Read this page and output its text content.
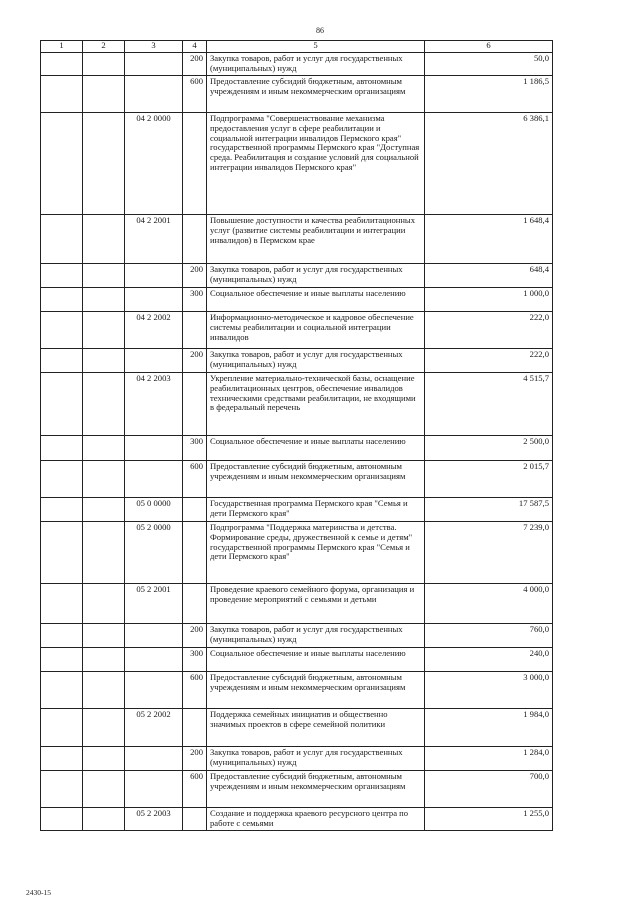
86
1	2	3	4	5	6
			200	Закупка товаров, работ и услуг для государственных (муниципальных) нужд	50,0
			600	Предоставление субсидий бюджетным, автономным учреждениям и иным некоммерческим организациям	1 186,5
		04 2 0000		Подпрограмма "Совершенствование механизма предоставления услуг в сфере реабилитации и социальной интеграции инвалидов Пермского края" государственной программы Пермского края "Доступная среда. Реабилитация и создание условий для социальной интеграции инвалидов Пермского края"	6 386,1
		04 2 2001		Повышение доступности и качества реабилитационных услуг (развитие системы реабилитации и интеграции инвалидов) в Пермском крае	1 648,4
			200	Закупка товаров, работ и услуг для государственных (муниципальных) нужд	648,4
			300	Социальное обеспечение и иные выплаты населению	1 000,0
		04 2 2002		Информационно-методическое и кадровое обеспечение системы реабилитации и социальной интеграции инвалидов	222,0
			200	Закупка товаров, работ и услуг для государственных (муниципальных) нужд	222,0
		04 2 2003		Укрепление материально-технической базы, оснащение реабилитационных центров, обеспечение инвалидов техническими средствами реабилитации, не входящими в федеральный перечень	4 515,7
			300	Социальное обеспечение и иные выплаты населению	2 500,0
			600	Предоставление субсидий бюджетным, автономным учреждениям и иным некоммерческим организациям	2 015,7
		05 0 0000		Государственная программа Пермского края "Семья и дети Пермского края"	17 587,5
		05 2 0000		Подпрограмма "Поддержка материнства и детства. Формирование среды, дружественной к семье и детям" государственной программы Пермского края "Семья и дети Пермского края"	7 239,0
		05 2 2001		Проведение краевого семейного форума, организация и проведение мероприятий с семьями и детьми	4 000,0
			200	Закупка товаров, работ и услуг для государственных (муниципальных) нужд	760,0
			300	Социальное обеспечение и иные выплаты населению	240,0
			600	Предоставление субсидий бюджетным, автономным учреждениям и иным некоммерческим организациям	3 000,0
		05 2 2002		Поддержка семейных инициатив и общественно значимых проектов в сфере семейной политики	1 984,0
			200	Закупка товаров, работ и услуг для государственных (муниципальных) нужд	1 284,0
			600	Предоставление субсидий бюджетным, автономным учреждениям и иным некоммерческим организациям	700,0
		05 2 2003		Создание и поддержка краевого ресурсного центра по работе с семьями	1 255,0
2430-15
